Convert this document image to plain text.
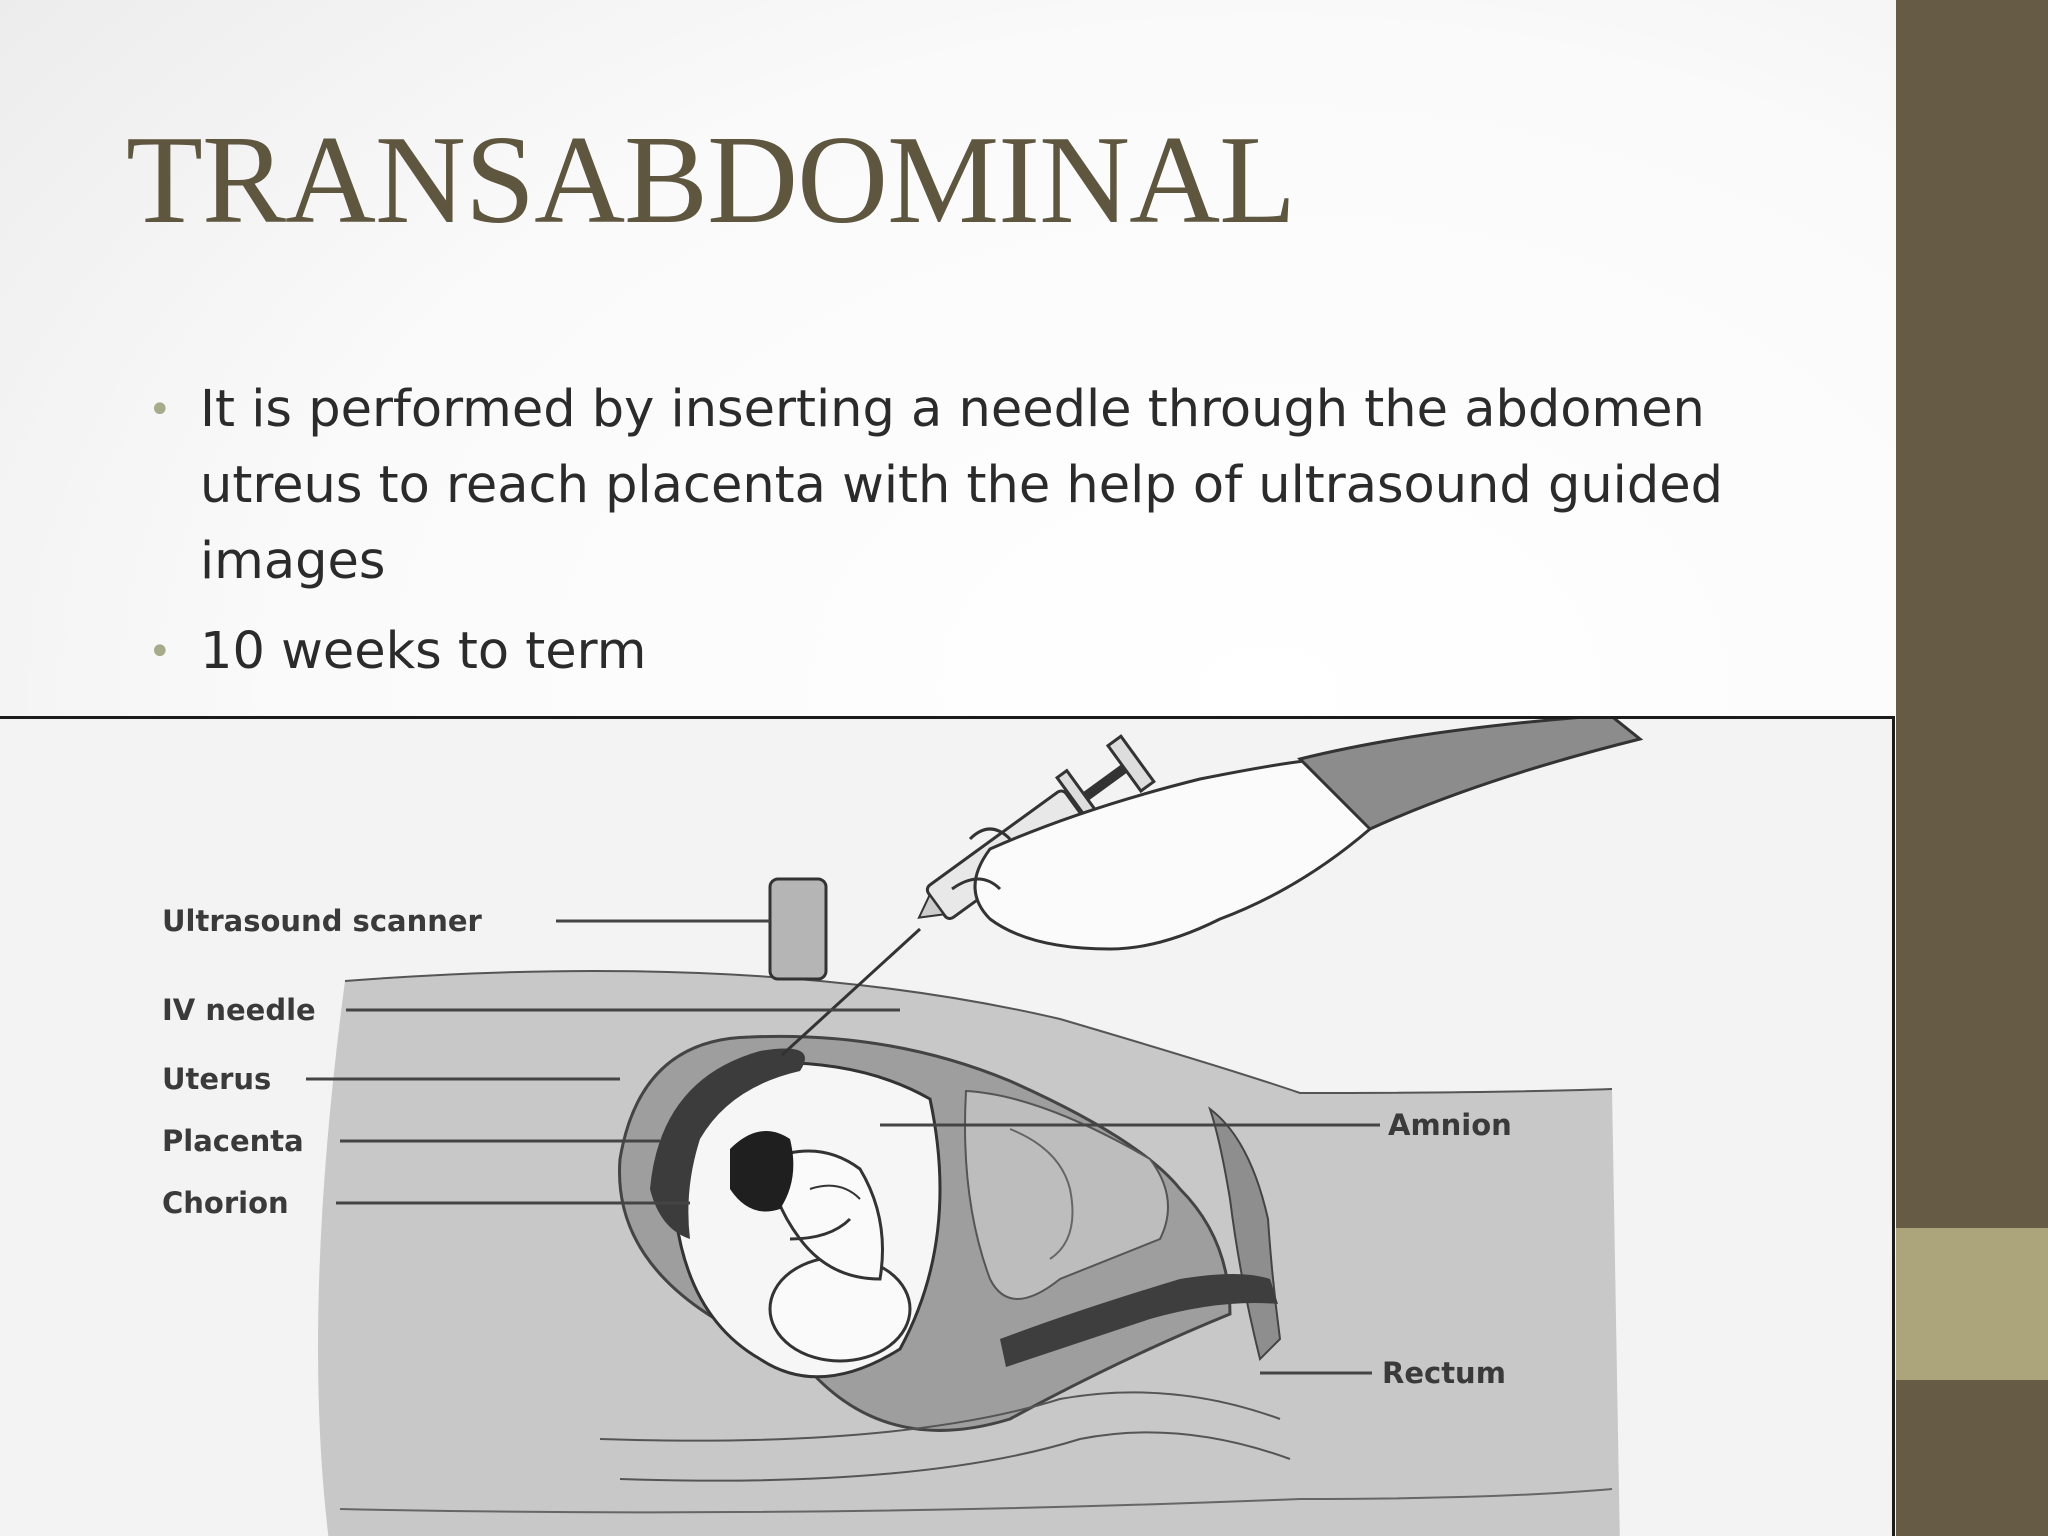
TRANSABDOMINAL
• It is performed by inserting a needle through the abdomen utreus to reach placenta with the help of ultrasound guided images
• 10 weeks to term
Ultrasound scanner
IV needle
Uterus
Placenta
Chorion
Amnion
Rectum
